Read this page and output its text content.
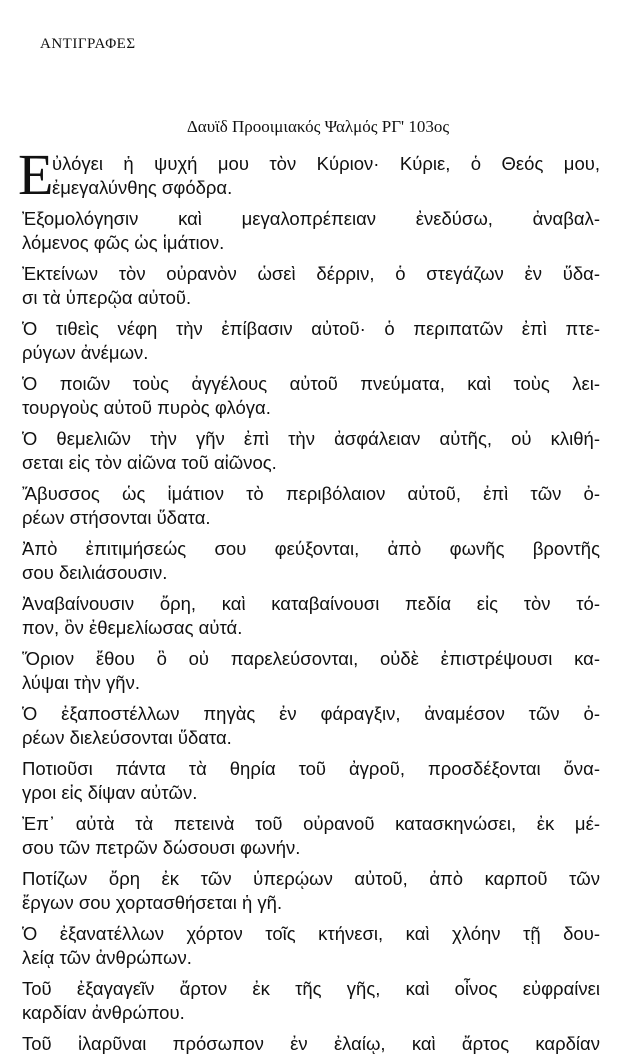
ΑΝΤΙΓΡΑΦΕΣ
Δαυϊδ Προοιμιακός Ψαλμός ΡΓ' 103ος
Ε
ὐλόγει ἡ ψυχή μου τὸν Κύριον· Κύριε, ὁ Θεός μου,
ἐμεγαλύνθης σφόδρα.
Ἐξομολόγησιν καὶ μεγαλοπρέπειαν ἐνεδύσω, ἀναβαλ-
λόμενος φῶς ὡς ἱμάτιον.
Ἐκτείνων τὸν οὐρανὸν ὡσεὶ δέρριν, ὁ στεγάζων ἐν ὕδα-
σι τὰ ὑπερῷα αὐτοῦ.
Ὁ τιθεὶς νέφη τὴν ἐπίβασιν αὐτοῦ· ὁ περιπατῶν ἐπὶ πτε-
ρύγων ἀνέμων.
Ὁ ποιῶν τοὺς ἀγγέλους αὐτοῦ πνεύματα, καὶ τοὺς λει-
τουργοὺς αὐτοῦ πυρὸς φλόγα.
Ὁ θεμελιῶν τὴν γῆν ἐπὶ τὴν ἀσφάλειαν αὐτῆς, οὐ κλιθή-
σεται εἰς τὸν αἰῶνα τοῦ αἰῶνος.
Ἄβυσσος ὡς ἱμάτιον τὸ περιβόλαιον αὐτοῦ, ἐπὶ τῶν ὀ-
ρέων στήσονται ὕδατα.
Ἀπὸ ἐπιτιμήσεώς σου φεύξονται, ἀπὸ φωνῆς βροντῆς
σου δειλιάσουσιν.
Ἀναβαίνουσιν ὄρη, καὶ καταβαίνουσι πεδία εἰς τὸν τό-
πον, ὃν ἐθεμελίωσας αὐτά.
Ὅριον ἔθου ὃ οὐ παρελεύσονται, οὐδὲ ἐπιστρέψουσι κα-
λύψαι τὴν γῆν.
Ὁ ἐξαποστέλλων πηγὰς ἐν φάραγξιν, ἀναμέσον τῶν ὀ-
ρέων διελεύσονται ὕδατα.
Ποτιοῦσι πάντα τὰ θηρία τοῦ ἀγροῦ, προσδέξονται ὄνα-
γροι εἰς δίψαν αὐτῶν.
Ἐπ᾿ αὐτὰ τὰ πετεινὰ τοῦ οὐρανοῦ κατασκηνώσει, ἐκ μέ-
σου τῶν πετρῶν δώσουσι φωνήν.
Ποτίζων ὄρη ἐκ τῶν ὑπερῴων αὐτοῦ, ἀπὸ καρποῦ τῶν
ἔργων σου χορτασθήσεται ἡ γῆ.
Ὁ ἐξανατέλλων χόρτον τοῖς κτήνεσι, καὶ χλόην τῇ δου-
λείᾳ τῶν ἀνθρώπων.
Τοῦ ἐξαγαγεῖν ἄρτον ἐκ τῆς γῆς, καὶ οἶνος εὐφραίνει
καρδίαν ἀνθρώπου.
Τοῦ ἱλαρῦναι πρόσωπον ἐν ἐλαίῳ, καὶ ἄρτος καρδίαν
